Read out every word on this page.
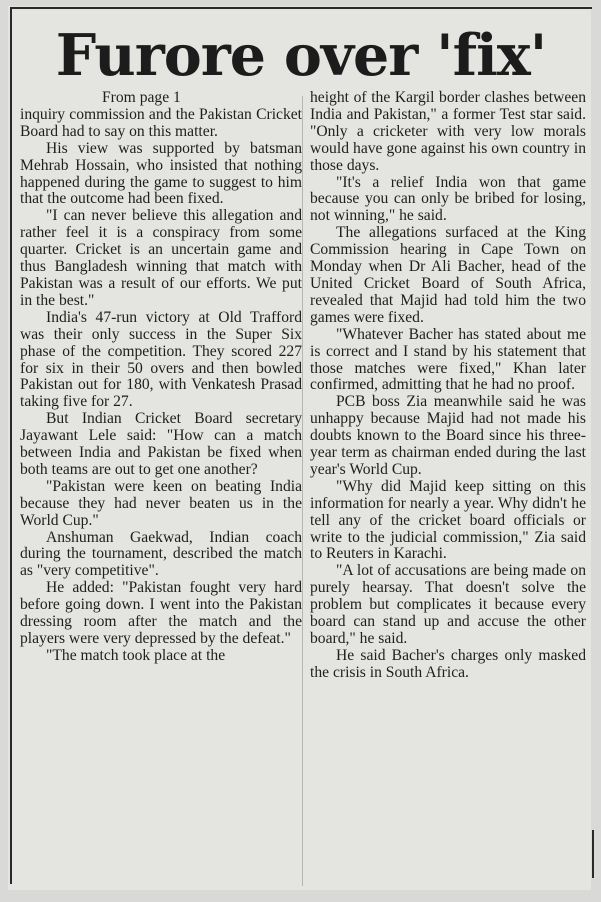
Furore over 'fix'

From page 1

inquiry commission and the Pakistan Cricket Board had to say on this matter.

His view was supported by batsman Mehrab Hossain, who insisted that nothing happened during the game to suggest to him that the outcome had been fixed.

"I can never believe this allegation and rather feel it is a conspiracy from some quarter. Cricket is an uncertain game and thus Bangladesh winning that match with Pakistan was a result of our efforts. We put in the best."

India's 47-run victory at Old Trafford was their only success in the Super Six phase of the competition. They scored 227 for six in their 50 overs and then bowled Pakistan out for 180, with Venkatesh Prasad taking five for 27.

But Indian Cricket Board secretary Jayawant Lele said: "How can a match between India and Pakistan be fixed when both teams are out to get one another?

"Pakistan were keen on beating India because they had never beaten us in the World Cup."

Anshuman Gaekwad, Indian coach during the tournament, described the match as "very competitive".

He added: "Pakistan fought very hard before going down. I went into the Pakistan dressing room after the match and the players were very depressed by the defeat."

"The match took place at the

height of the Kargil border clashes between India and Pakistan," a former Test star said. "Only a cricketer with very low morals would have gone against his own country in those days.

"It's a relief India won that game because you can only be bribed for losing, not winning," he said.

The allegations surfaced at the King Commission hearing in Cape Town on Monday when Dr Ali Bacher, head of the United Cricket Board of South Africa, revealed that Majid had told him the two games were fixed.

"Whatever Bacher has stated about me is correct and I stand by his statement that those matches were fixed," Khan later confirmed, admitting that he had no proof.

PCB boss Zia meanwhile said he was unhappy because Majid had not made his doubts known to the Board since his three-year term as chairman ended during the last year's World Cup.

"Why did Majid keep sitting on this information for nearly a year. Why didn't he tell any of the cricket board officials or write to the judicial commission," Zia said to Reuters in Karachi.

"A lot of accusations are being made on purely hearsay. That doesn't solve the problem but complicates it because every board can stand up and accuse the other board," he said.

He said Bacher's charges only masked the crisis in South Africa.
